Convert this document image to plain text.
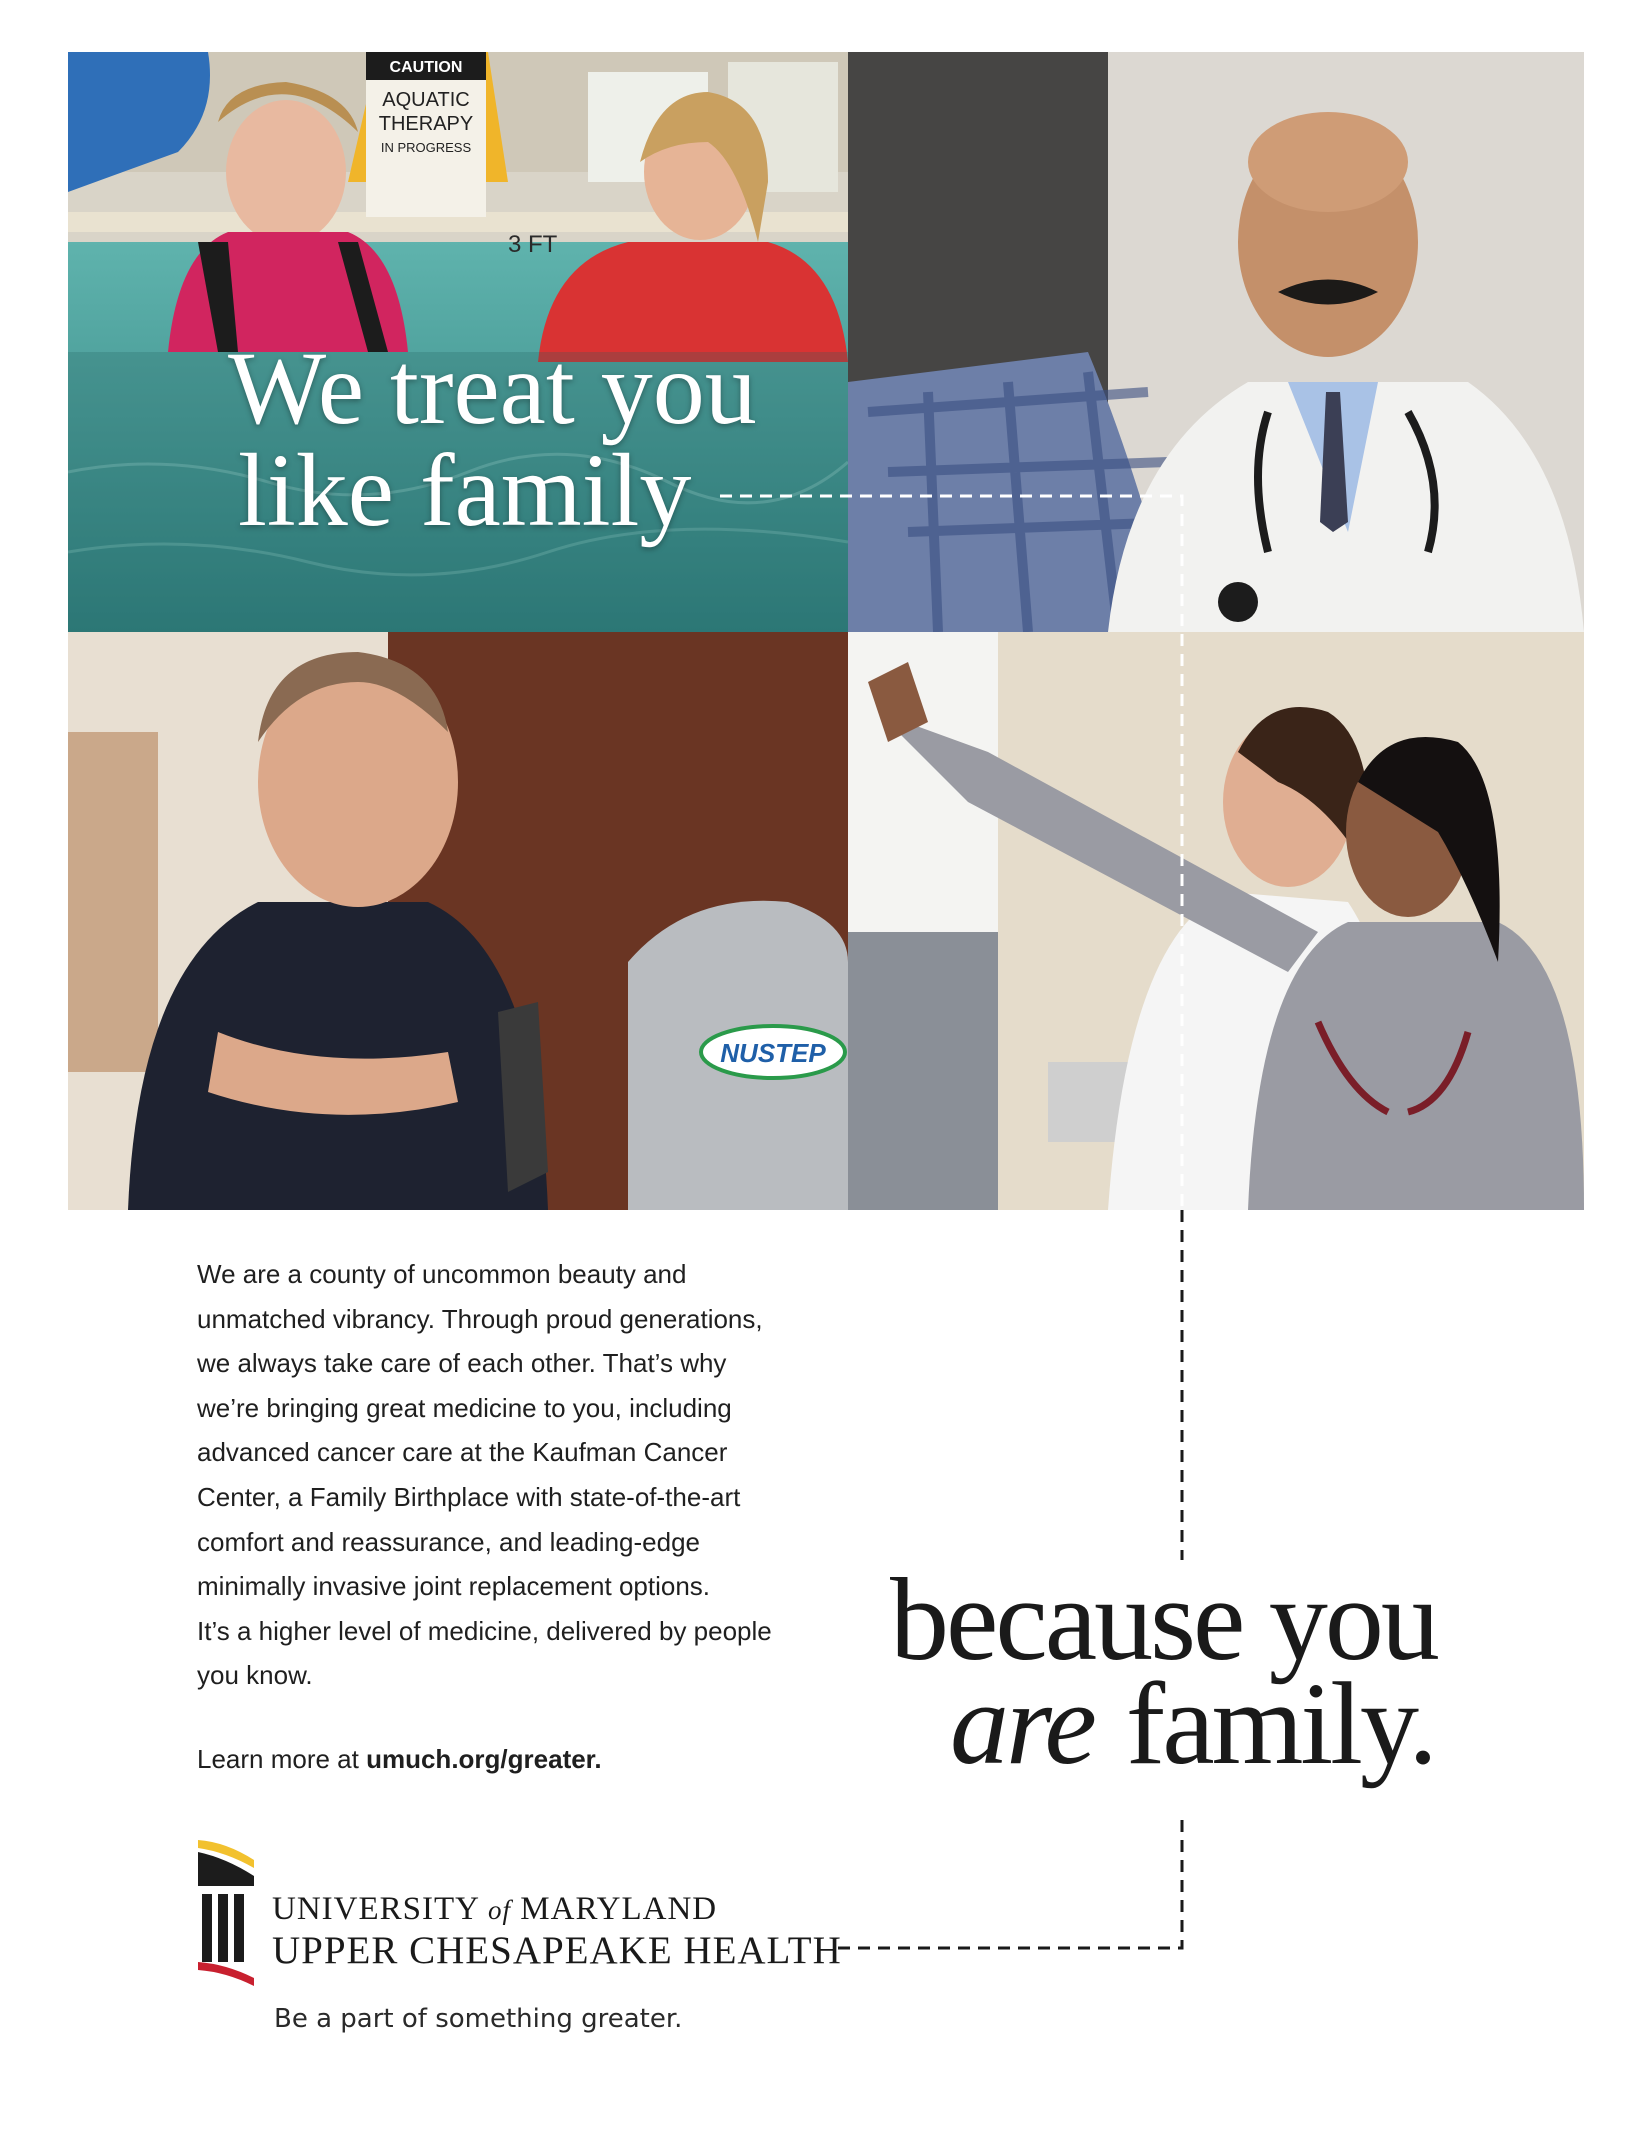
CAUTION
AQUATIC
THERAPY
IN PROGRESS
3 FT
NUSTEP
We treat you
like family
We are a county of uncommon beauty and
unmatched vibrancy. Through proud generations,
we always take care of each other. That’s why
we’re bringing great medicine to you, including
advanced cancer care at the Kaufman Cancer
Center, a Family Birthplace with state-of-the-art
comfort and reassurance, and leading-edge
minimally invasive joint replacement options.
It’s a higher level of medicine, delivered by people
you know.
Learn more at umuch.org/greater.
because you
are family.
UNIVERSITY of MARYLAND
UPPER CHESAPEAKE HEALTH
Be a part of something greater.
